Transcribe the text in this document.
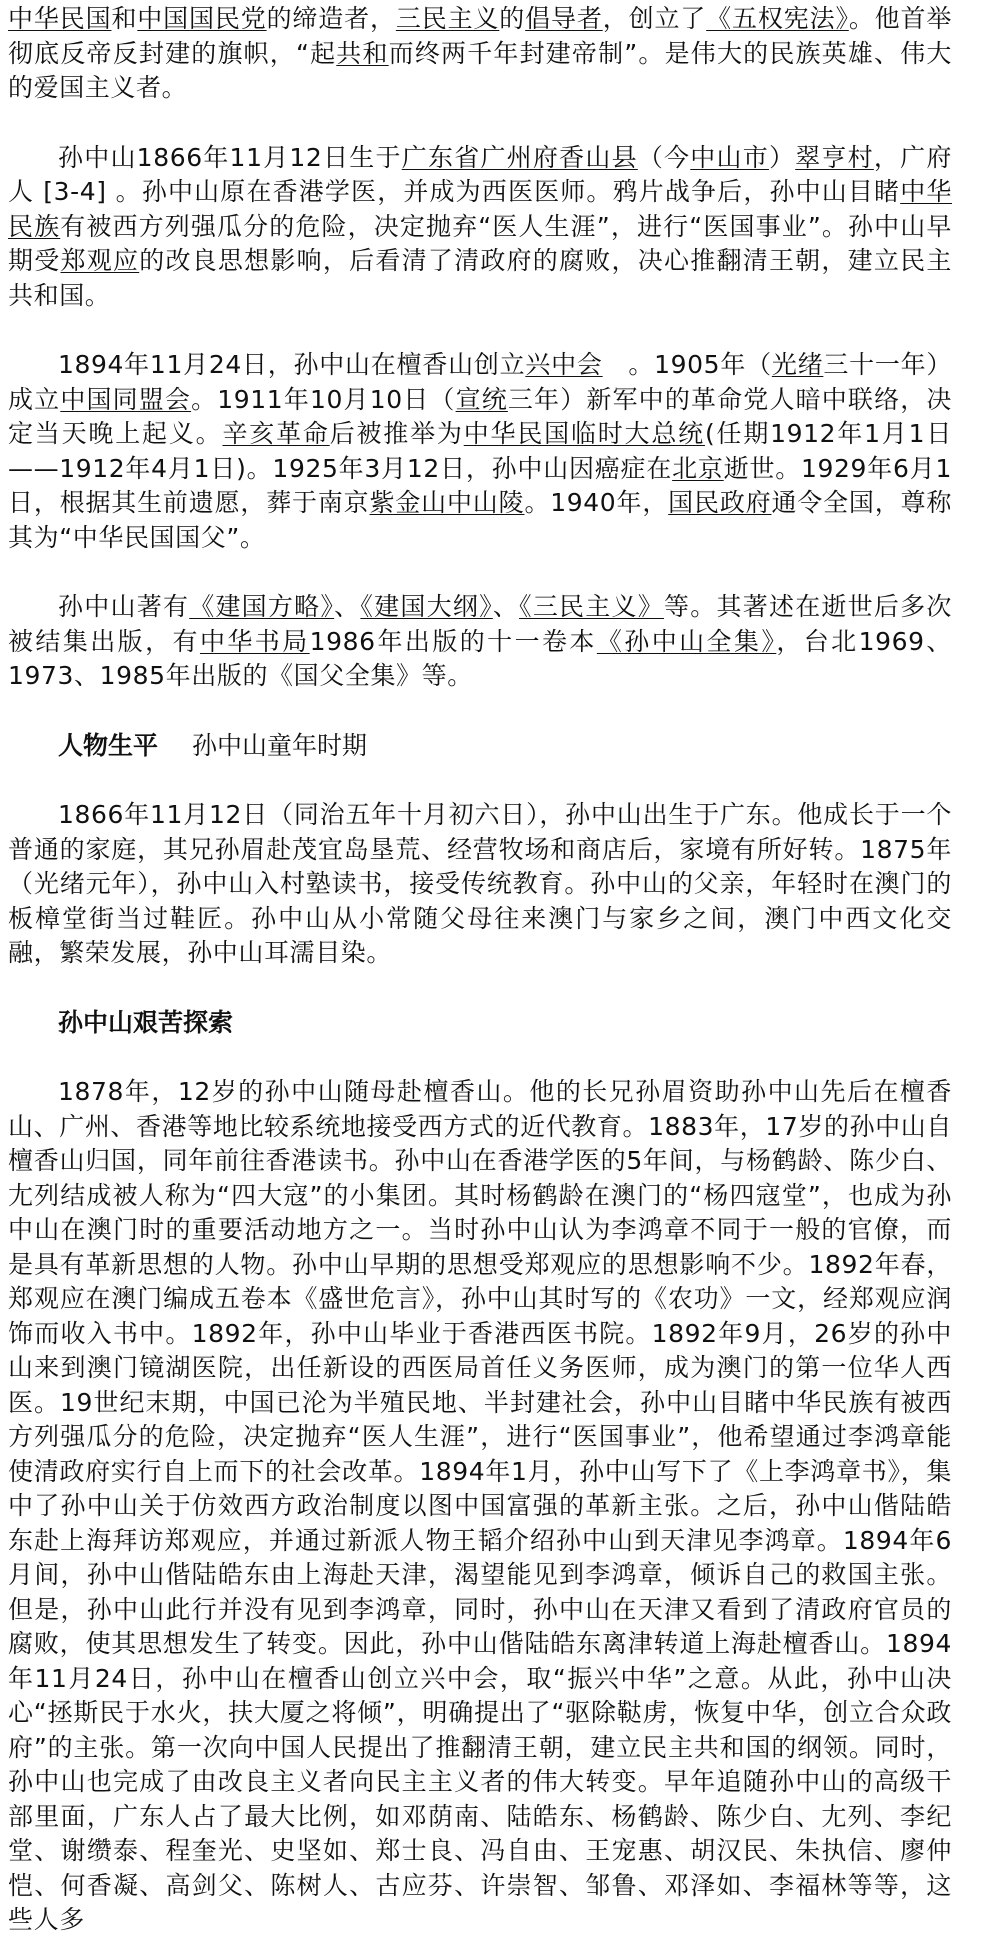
中华民国和中国国民党的缔造者，三民主义的倡导者，创立了《五权宪法》。他首举彻底反帝反封建的旗帜，“起共和而终两千年封建帝制”。是伟大的民族英雄、伟大的爱国主义者。

孙中山1866年11月12日生于广东省广州府香山县（今中山市）翠亨村，广府人 [3-4] 。孙中山原在香港学医，并成为西医医师。鸦片战争后，孙中山目睹中华民族有被西方列强瓜分的危险，决定抛弃“医人生涯”，进行“医国事业”。孙中山早期受郑观应的改良思想影响，后看清了清政府的腐败，决心推翻清王朝，建立民主共和国。

1894年11月24日，孙中山在檀香山创立兴中会　。1905年（光绪三十一年）成立中国同盟会。1911年10月10日（宣统三年）新军中的革命党人暗中联络，决定当天晚上起义。辛亥革命后被推举为中华民国临时大总统(任期1912年1月1日——1912年4月1日)。1925年3月12日，孙中山因癌症在北京逝世。1929年6月1日，根据其生前遗愿，葬于南京紫金山中山陵。1940年，国民政府通令全国，尊称其为“中华民国国父”。

孙中山著有《建国方略》、《建国大纲》、《三民主义》等。其著述在逝世后多次被结集出版，有中华书局1986年出版的十一卷本《孙中山全集》，台北1969、1973、1985年出版的《国父全集》等。

人物生平 孙中山童年时期

1866年11月12日（同治五年十月初六日），孙中山出生于广东。他成长于一个普通的家庭，其兄孙眉赴茂宜岛垦荒、经营牧场和商店后，家境有所好转。1875年（光绪元年），孙中山入村塾读书，接受传统教育。孙中山的父亲，年轻时在澳门的板樟堂街当过鞋匠。孙中山从小常随父母往来澳门与家乡之间，澳门中西文化交融，繁荣发展，孙中山耳濡目染。

孙中山艰苦探索

1878年，12岁的孙中山随母赴檀香山。他的长兄孙眉资助孙中山先后在檀香山、广州、香港等地比较系统地接受西方式的近代教育。1883年，17岁的孙中山自檀香山归国，同年前往香港读书。孙中山在香港学医的5年间，与杨鹤龄、陈少白、尢列结成被人称为“四大寇”的小集团。其时杨鹤龄在澳门的“杨四寇堂”，也成为孙中山在澳门时的重要活动地方之一。当时孙中山认为李鸿章不同于一般的官僚，而是具有革新思想的人物。孙中山早期的思想受郑观应的思想影响不少。1892年春，郑观应在澳门编成五卷本《盛世危言》，孙中山其时写的《农功》一文，经郑观应润饰而收入书中。1892年，孙中山毕业于香港西医书院。1892年9月，26岁的孙中山来到澳门镜湖医院，出任新设的西医局首任义务医师，成为澳门的第一位华人西医。19世纪末期，中国已沦为半殖民地、半封建社会，孙中山目睹中华民族有被西方列强瓜分的危险，决定抛弃“医人生涯”，进行“医国事业”，他希望通过李鸿章能使清政府实行自上而下的社会改革。1894年1月，孙中山写下了《上李鸿章书》，集中了孙中山关于仿效西方政治制度以图中国富强的革新主张。之后，孙中山偕陆皓东赴上海拜访郑观应，并通过新派人物王韬介绍孙中山到天津见李鸿章。1894年6月间，孙中山偕陆皓东由上海赴天津，渴望能见到李鸿章，倾诉自己的救国主张。但是，孙中山此行并没有见到李鸿章，同时，孙中山在天津又看到了清政府官员的腐败，使其思想发生了转变。因此，孙中山偕陆皓东离津转道上海赴檀香山。1894年11月24日，孙中山在檀香山创立兴中会，取“振兴中华”之意。从此，孙中山决心“拯斯民于水火，扶大厦之将倾”，明确提出了“驱除鞑虏，恢复中华，创立合众政府”的主张。第一次向中国人民提出了推翻清王朝，建立民主共和国的纲领。同时，孙中山也完成了由改良主义者向民主主义者的伟大转变。早年追随孙中山的高级干部里面，广东人占了最大比例，如邓荫南、陆皓东、杨鹤龄、陈少白、尢列、李纪堂、谢缵泰、程奎光、史坚如、郑士良、冯自由、王宠惠、胡汉民、朱执信、廖仲恺、何香凝、高剑父、陈树人、古应芬、许崇智、邹鲁、邓泽如、李福林等等，这些人多
